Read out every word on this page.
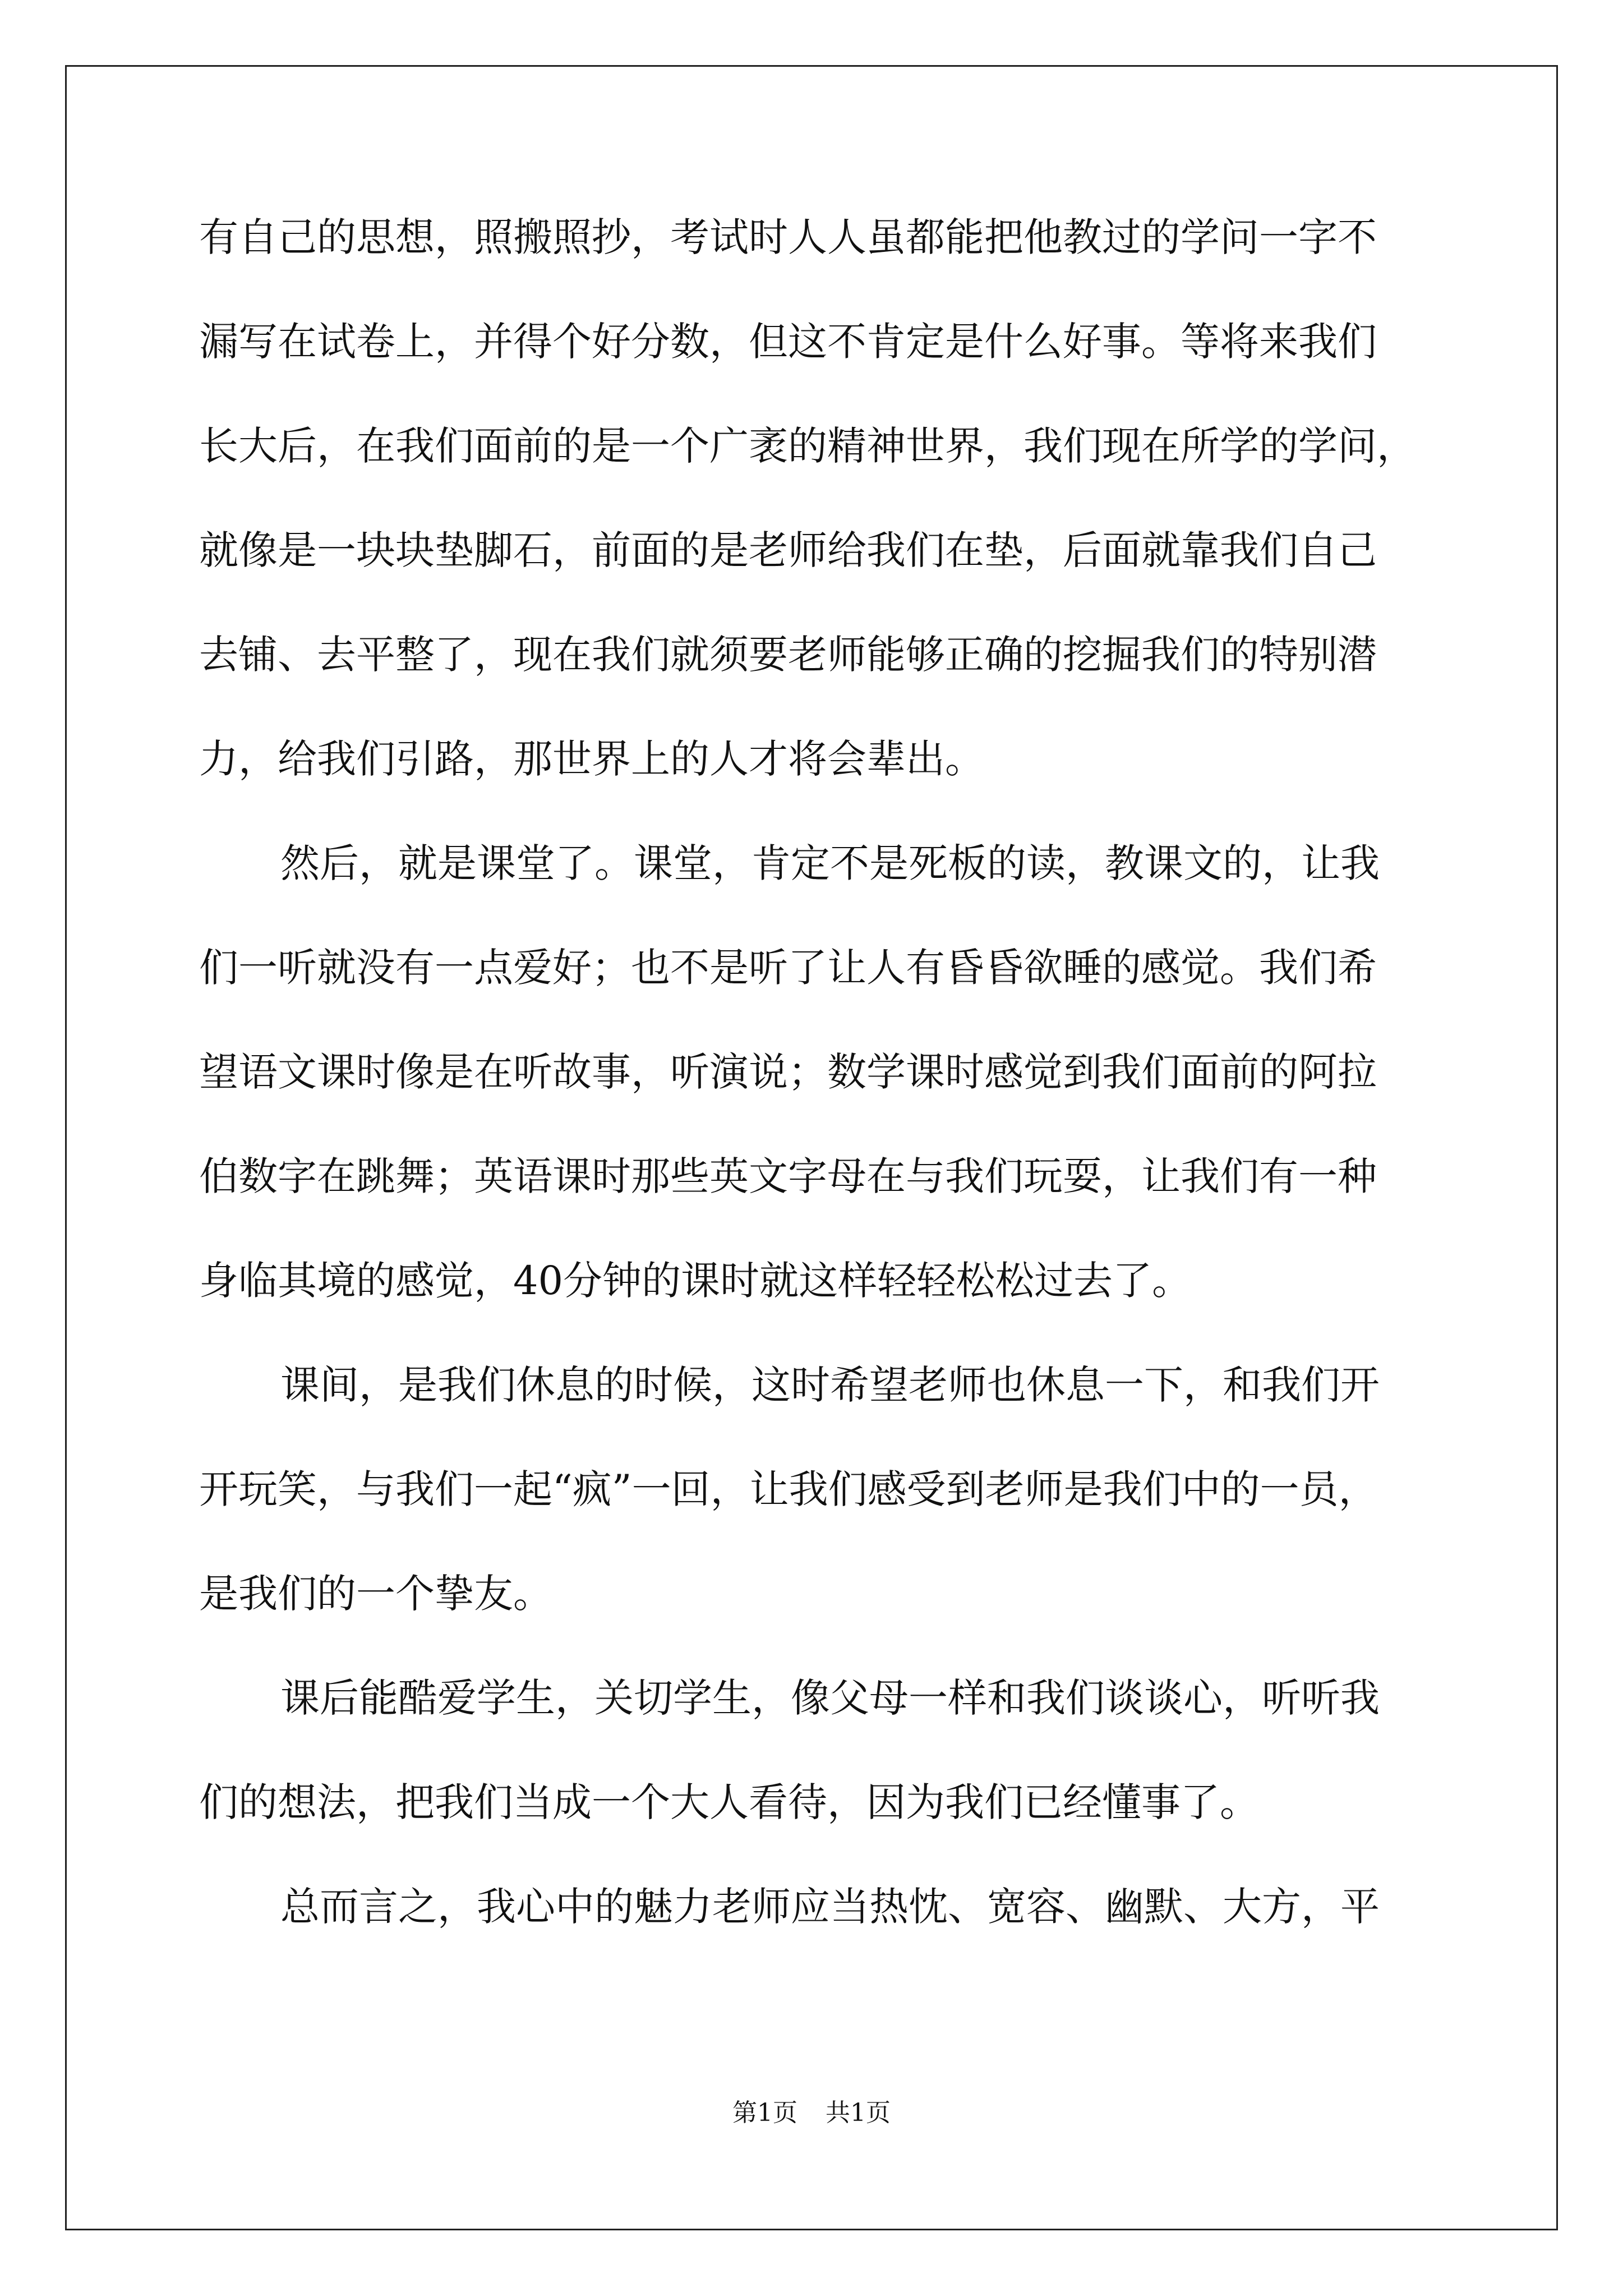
有自己的思想，照搬照抄，考试时人人虽都能把他教过的学问一字不
漏写在试卷上，并得个好分数，但这不肯定是什么好事。等将来我们
长大后，在我们面前的是一个广袤的精神世界，我们现在所学的学问，
就像是一块块垫脚石，前面的是老师给我们在垫，后面就靠我们自己
去铺、去平整了，现在我们就须要老师能够正确的挖掘我们的特别潜
力，给我们引路，那世界上的人才将会辈出。
然后，就是课堂了。课堂，肯定不是死板的读，教课文的，让我
们一听就没有一点爱好；也不是听了让人有昏昏欲睡的感觉。我们希
望语文课时像是在听故事，听演说；数学课时感觉到我们面前的阿拉
伯数字在跳舞；英语课时那些英文字母在与我们玩耍，让我们有一种
身临其境的感觉，40分钟的课时就这样轻轻松松过去了。
课间，是我们休息的时候，这时希望老师也休息一下，和我们开
开玩笑，与我们一起“疯”一回，让我们感受到老师是我们中的一员，
是我们的一个挚友。
课后能酷爱学生，关切学生，像父母一样和我们谈谈心，听听我
们的想法，把我们当成一个大人看待，因为我们已经懂事了。
总而言之，我心中的魅力老师应当热忱、宽容、幽默、大方，平
第1页 共1页
